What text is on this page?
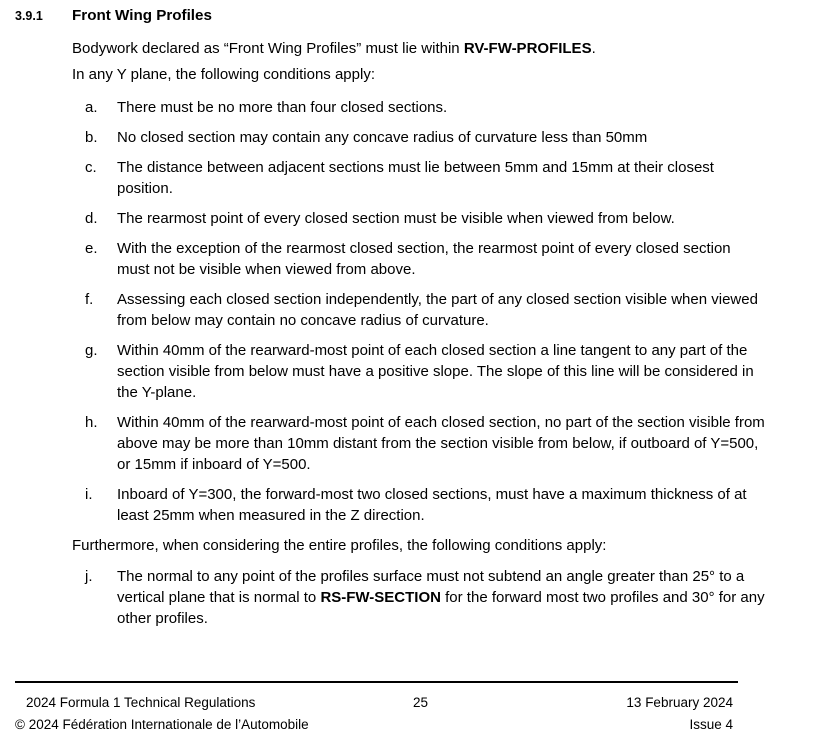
3.9.1	Front Wing Profiles

Bodywork declared as “Front Wing Profiles” must lie within RV-FW-PROFILES.

In any Y plane, the following conditions apply:

a. There must be no more than four closed sections.
b. No closed section may contain any concave radius of curvature less than 50mm
c. The distance between adjacent sections must lie between 5mm and 15mm at their closest position.
d. The rearmost point of every closed section must be visible when viewed from below.
e. With the exception of the rearmost closed section, the rearmost point of every closed section must not be visible when viewed from above.
f. Assessing each closed section independently, the part of any closed section visible when viewed from below may contain no concave radius of curvature.
g. Within 40mm of the rearward-most point of each closed section a line tangent to any part of the section visible from below must have a positive slope. The slope of this line will be considered in the Y-plane.
h. Within 40mm of the rearward-most point of each closed section, no part of the section visible from above may be more than 10mm distant from the section visible from below, if outboard of Y=500, or 15mm if inboard of Y=500.
i. Inboard of Y=300, the forward-most two closed sections, must have a maximum thickness of at least 25mm when measured in the Z direction.

Furthermore, when considering the entire profiles, the following conditions apply:

j. The normal to any point of the profiles surface must not subtend an angle greater than 25° to a vertical plane that is normal to RS-FW-SECTION for the forward most two profiles and 30° for any other profiles.
2024 Formula 1 Technical Regulations
© 2024 Fédération Internationale de l’Automobile
25	13 February 2024
Issue 4
